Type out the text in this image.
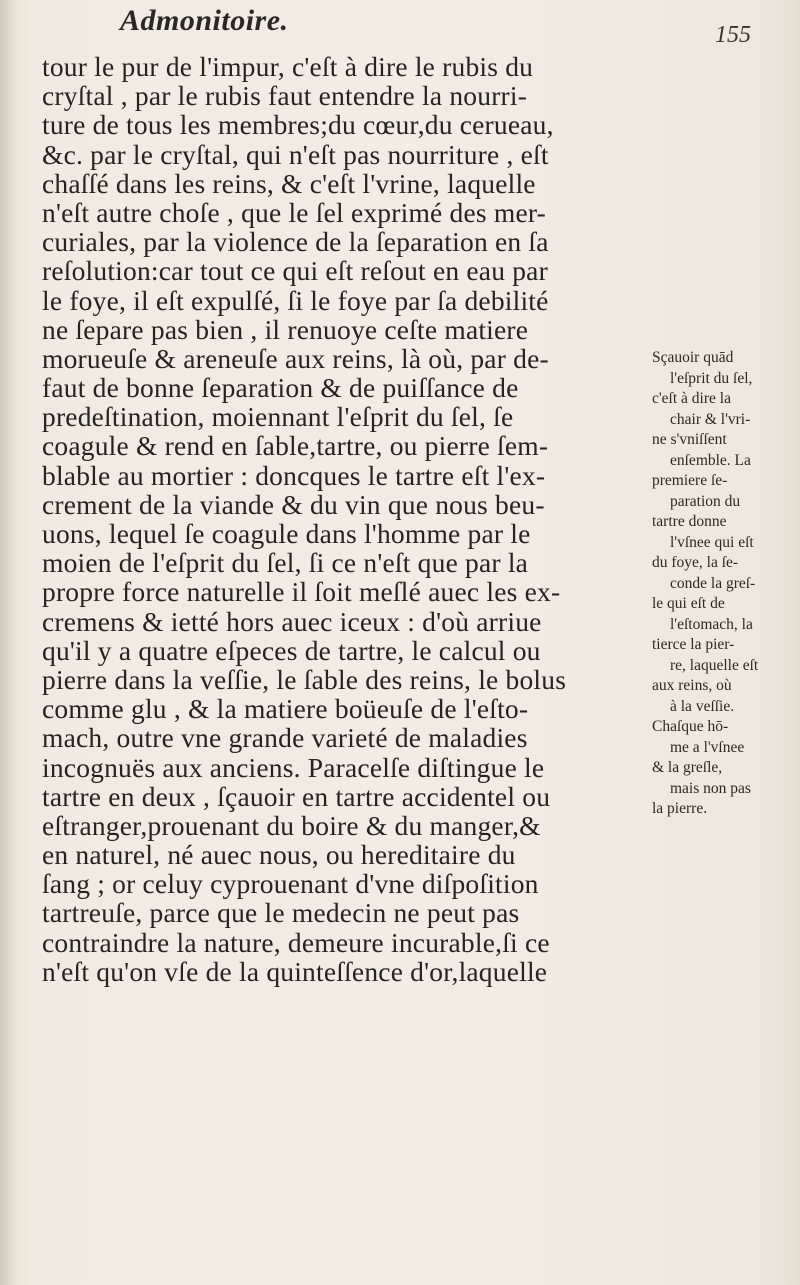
Admonitoire.	155
tour le pur de l'impur, c'eſt à dire le rubis du
cryſtal , par le rubis faut entendre la nourri-
ture de tous les membres;du cœur,du cerueau,
&c. par le cryſtal, qui n'eſt pas nourriture , eſt
chaſſé dans les reins, & c'eſt l'vrine, laquelle
n'eſt autre choſe , que le ſel exprimé des mer-
curiales, par la violence de la ſeparation en ſa
reſolution:car tout ce qui eſt reſout en eau par
le foye, il eſt expulſé, ſi le foye par ſa debilité
ne ſepare pas bien , il renuoye ceſte matiere
morueuſe & areneuſe aux reins, là où, par de-
faut de bonne ſeparation & de puiſſance de
predeſtination, moiennant l'eſprit du ſel, ſe
coagule & rend en ſable,tartre, ou pierre ſem-
blable au mortier : doncques le tartre eſt l'ex-
crement de la viande & du vin que nous beu-
uons, lequel ſe coagule dans l'homme par le
moien de l'eſprit du ſel, ſi ce n'eſt que par la
propre force naturelle il ſoit meſlé auec les ex-
cremens & ietté hors auec iceux : d'où arriue
qu'il y a quatre eſpeces de tartre, le calcul ou
pierre dans la veſſie, le ſable des reins, le bolus
comme glu , & la matiere boüeuſe de l'eſto-
mach, outre vne grande varieté de maladies
incognuës aux anciens. Paracelſe diſtingue le
tartre en deux , ſçauoir en tartre accidentel ou
eſtranger,prouenant du boire & du manger,&
en naturel, né auec nous, ou hereditaire du
ſang ; or celuy cyprouenant d'vne diſpoſition
tartreuſe, parce que le medecin ne peut pas
contraindre la nature, demeure incurable,ſi ce
n'eſt qu'on vſe de la quinteſſence d'or,laquelle
Sçauoir quād
l'eſprit du ſel,
c'eſt à dire la
chair & l'vri-
ne s'vniſſent
enſemble. La
premiere ſe-
paration du
tartre donne
l'vſnee qui eſt
du foye, la ſe-
conde la greſ-
le qui eſt de
l'eſtomach, la
tierce la pier-
re, laquelle eſt
aux reins, où
à la veſſie.
Chaſque hō-
me a l'vſnee
& la greſle,
mais non pas
la pierre.
